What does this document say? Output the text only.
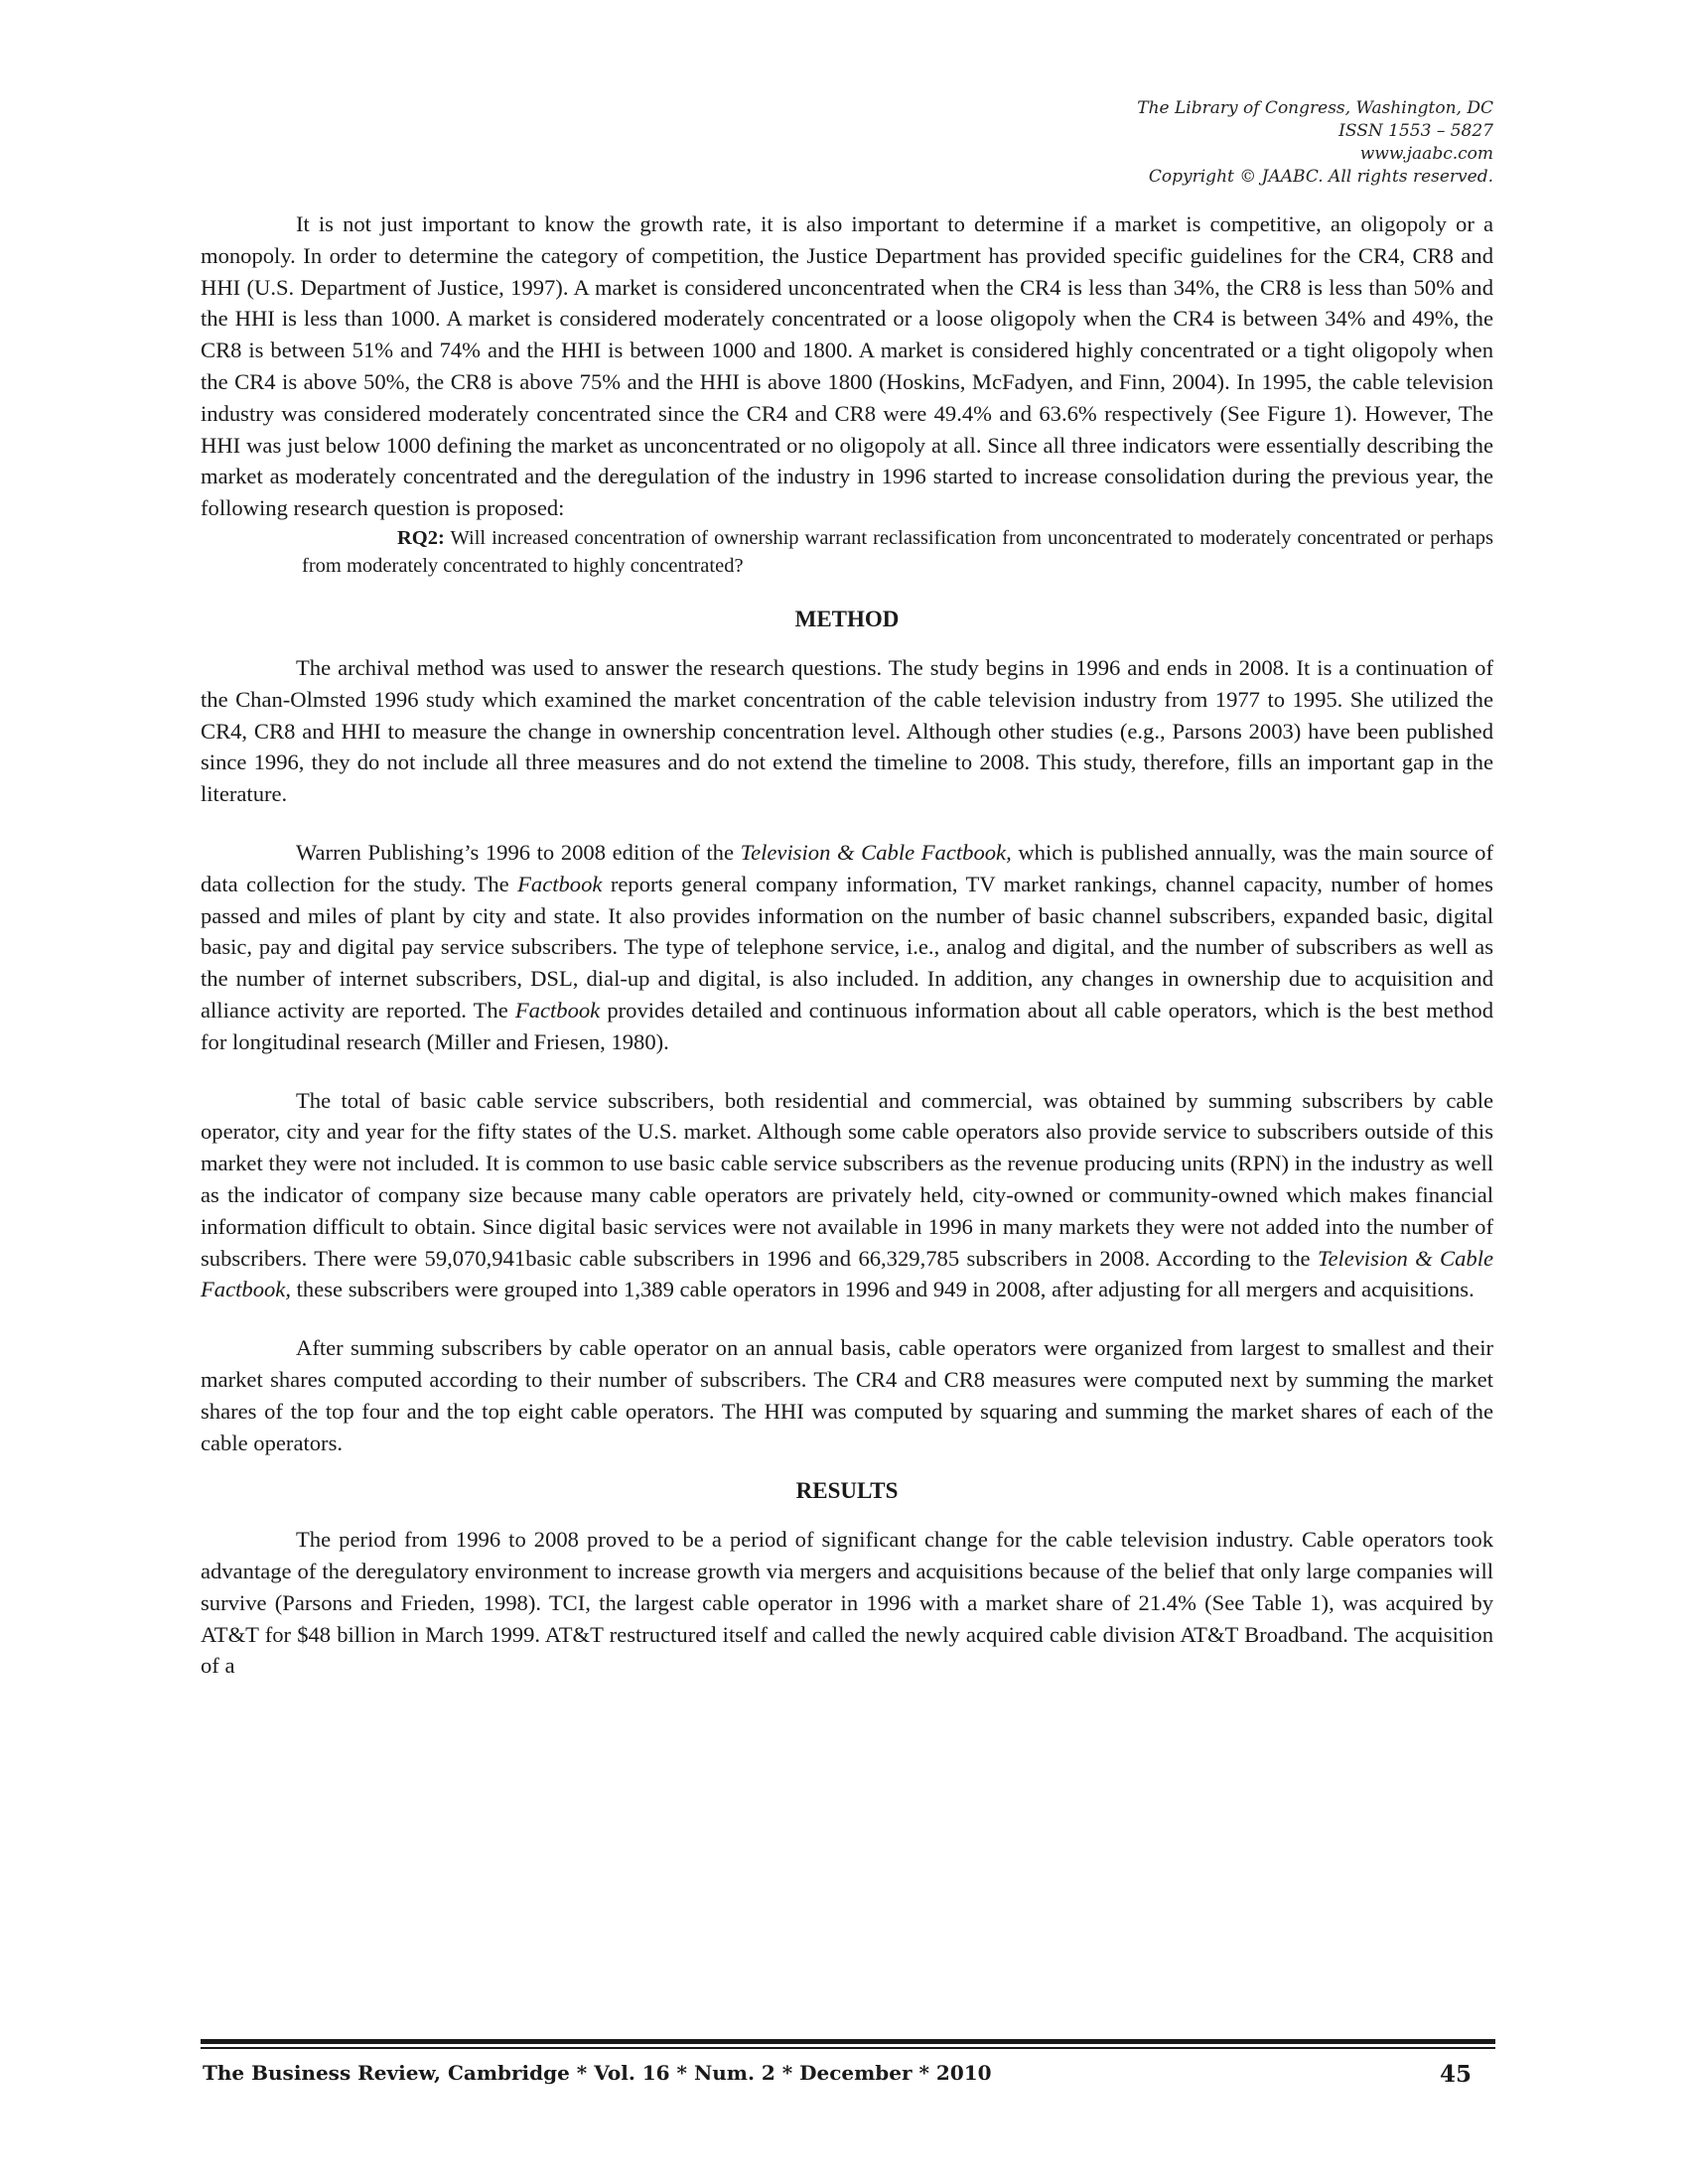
The Library of Congress, Washington, DC
ISSN 1553 – 5827
www.jaabc.com
Copyright © JAABC. All rights reserved.

It is not just important to know the growth rate, it is also important to determine if a market is competitive, an oligopoly or a monopoly. In order to determine the category of competition, the Justice Department has provided specific guidelines for the CR4, CR8 and HHI (U.S. Department of Justice, 1997). A market is considered unconcentrated when the CR4 is less than 34%, the CR8 is less than 50% and the HHI is less than 1000. A market is considered moderately concentrated or a loose oligopoly when the CR4 is between 34% and 49%, the CR8 is between 51% and 74% and the HHI is between 1000 and 1800. A market is considered highly concentrated or a tight oligopoly when the CR4 is above 50%, the CR8 is above 75% and the HHI is above 1800 (Hoskins, McFadyen, and Finn, 2004). In 1995, the cable television industry was considered moderately concentrated since the CR4 and CR8 were 49.4% and 63.6% respectively (See Figure 1). However, The HHI was just below 1000 defining the market as unconcentrated or no oligopoly at all. Since all three indicators were essentially describing the market as moderately concentrated and the deregulation of the industry in 1996 started to increase consolidation during the previous year, the following research question is proposed:

RQ2: Will increased concentration of ownership warrant reclassification from unconcentrated to moderately concentrated or perhaps from moderately concentrated to highly concentrated?

METHOD

The archival method was used to answer the research questions. The study begins in 1996 and ends in 2008. It is a continuation of the Chan-Olmsted 1996 study which examined the market concentration of the cable television industry from 1977 to 1995. She utilized the CR4, CR8 and HHI to measure the change in ownership concentration level. Although other studies (e.g., Parsons 2003) have been published since 1996, they do not include all three measures and do not extend the timeline to 2008. This study, therefore, fills an important gap in the literature.

Warren Publishing’s 1996 to 2008 edition of the Television & Cable Factbook, which is published annually, was the main source of data collection for the study. The Factbook reports general company information, TV market rankings, channel capacity, number of homes passed and miles of plant by city and state. It also provides information on the number of basic channel subscribers, expanded basic, digital basic, pay and digital pay service subscribers. The type of telephone service, i.e., analog and digital, and the number of subscribers as well as the number of internet subscribers, DSL, dial-up and digital, is also included. In addition, any changes in ownership due to acquisition and alliance activity are reported. The Factbook provides detailed and continuous information about all cable operators, which is the best method for longitudinal research (Miller and Friesen, 1980).

The total of basic cable service subscribers, both residential and commercial, was obtained by summing subscribers by cable operator, city and year for the fifty states of the U.S. market. Although some cable operators also provide service to subscribers outside of this market they were not included. It is common to use basic cable service subscribers as the revenue producing units (RPN) in the industry as well as the indicator of company size because many cable operators are privately held, city-owned or community-owned which makes financial information difficult to obtain. Since digital basic services were not available in 1996 in many markets they were not added into the number of subscribers. There were 59,070,941basic cable subscribers in 1996 and 66,329,785 subscribers in 2008. According to the Television & Cable Factbook, these subscribers were grouped into 1,389 cable operators in 1996 and 949 in 2008, after adjusting for all mergers and acquisitions.

After summing subscribers by cable operator on an annual basis, cable operators were organized from largest to smallest and their market shares computed according to their number of subscribers. The CR4 and CR8 measures were computed next by summing the market shares of the top four and the top eight cable operators. The HHI was computed by squaring and summing the market shares of each of the cable operators.

RESULTS

The period from 1996 to 2008 proved to be a period of significant change for the cable television industry. Cable operators took advantage of the deregulatory environment to increase growth via mergers and acquisitions because of the belief that only large companies will survive (Parsons and Frieden, 1998). TCI, the largest cable operator in 1996 with a market share of 21.4% (See Table 1), was acquired by AT&T for $48 billion in March 1999. AT&T restructured itself and called the newly acquired cable division AT&T Broadband. The acquisition of a

The Business Review, Cambridge * Vol. 16 * Num. 2 * December * 2010	45
